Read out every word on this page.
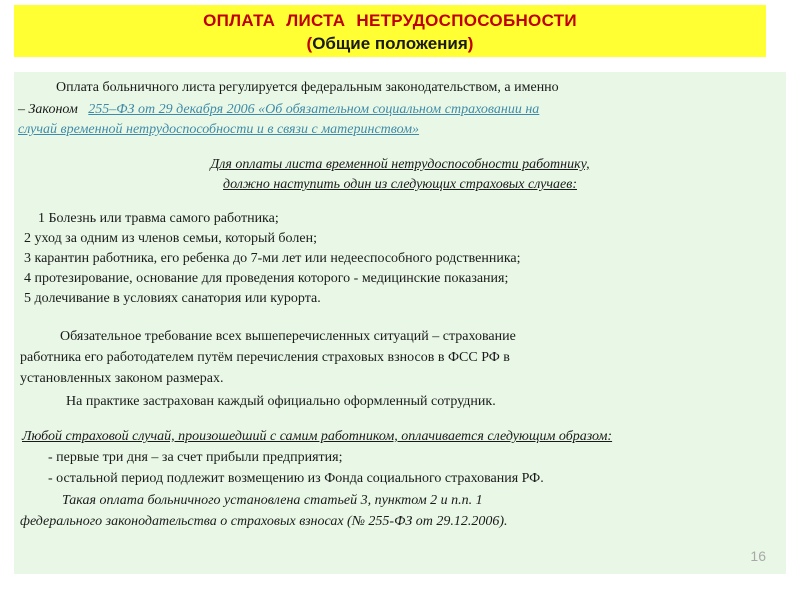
ОПЛАТА ЛИСТА НЕТРУДОСПОСОБНОСТИ
(Общие положения)
Оплата больничного листа регулируется федеральным законодательством, а именно
– Законом 255–ФЗ от 29 декабря 2006 «Об обязательном социальном страховании на
случай временной нетрудоспособности и в связи с материнством»
Для оплаты листа временной нетрудоспособности работнику,
должно наступить один из следующих страховых случаев:
1 Болезнь или травма самого работника;
2 уход за одним из членов семьи, который болен;
3 карантин работника, его ребенка до 7-ми лет или недееспособного родственника;
4 протезирование, основание для проведения которого - медицинские показания;
5 долечивание в условиях санатория или курорта.
Обязательное требование всех вышеперечисленных ситуаций – страхование
работника его работодателем путём перечисления страховых взносов в ФСС РФ в
установленных законом размерах.
На практике застрахован каждый официально оформленный сотрудник.
Любой страховой случай, произошедший с самим работником, оплачивается следующим образом:
- первые три дня – за счет прибыли предприятия;
- остальной период подлежит возмещению из Фонда социального страхования РФ.
Такая оплата больничного установлена статьей 3, пунктом 2 и п.п. 1
федерального законодательства о страховых взносах (№ 255-ФЗ от 29.12.2006).
16
